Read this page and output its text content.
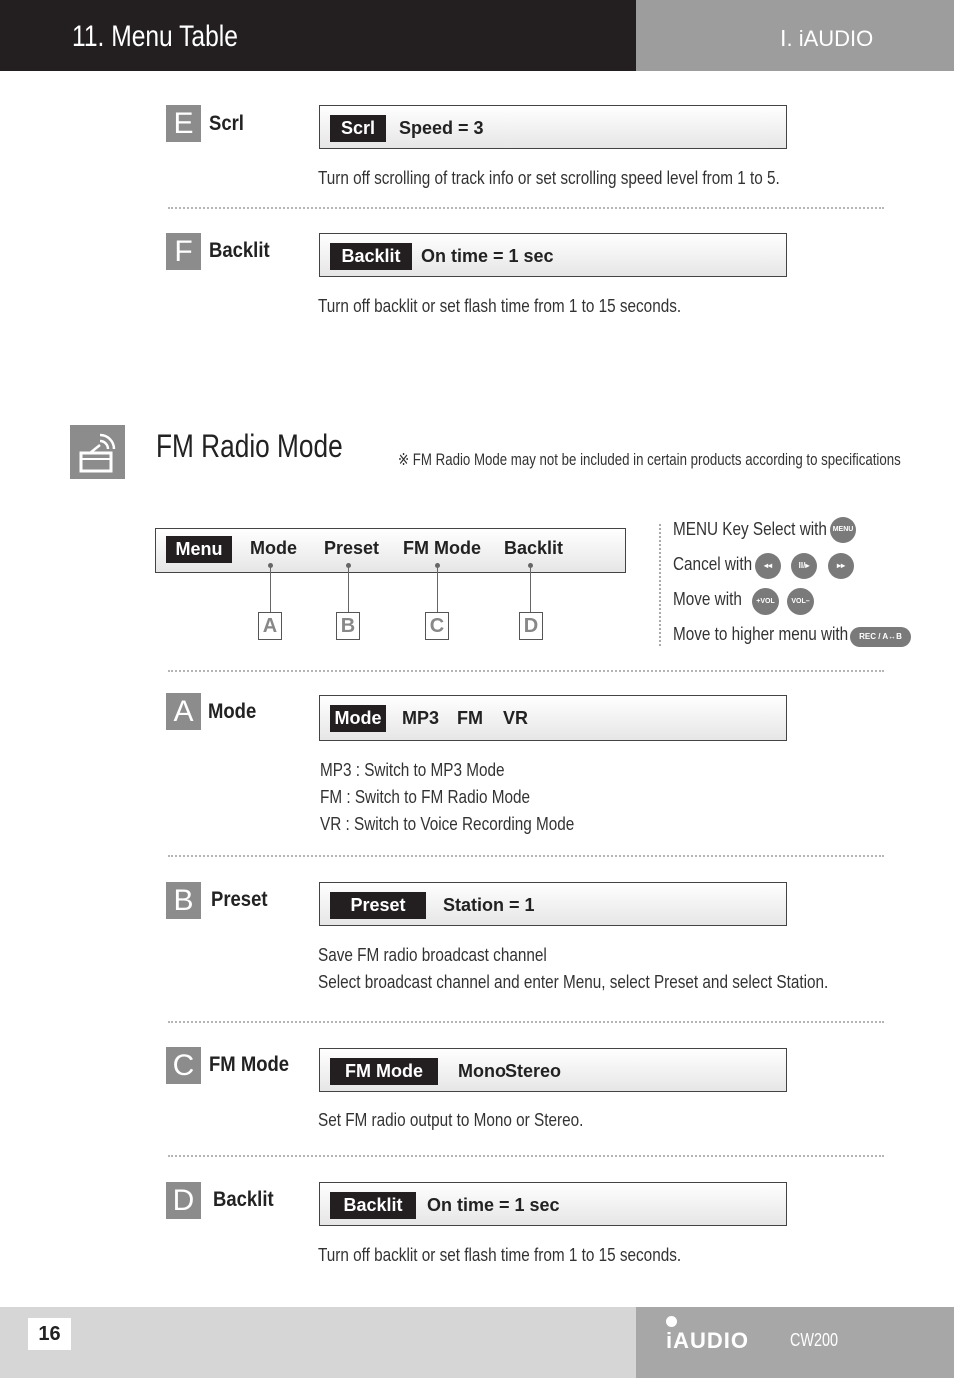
11. Menu Table	Ⅰ. iAUDIO
E Scrl	Scrl	Speed = 3
Turn off scrolling of track info or set scrolling speed level from 1 to 5.
F Backlit	Backlit	On time = 1 sec
Turn off backlit or set flash time from 1 to 15 seconds.
FM Radio Mode	※ FM Radio Mode may not be included in certain products according to specifications
Menu	Mode Preset FM Mode Backlit
A	B	C	D
MENU Key Select with MENU
Cancel with	◂◂	II/▸	▸▸
Move with	+VOL	VOL–
Move to higher menu with	REC / A↔B
A Mode	Mode MP3 FM VR
MP3 : Switch to MP3 Mode
FM : Switch to FM Radio Mode
VR : Switch to Voice Recording Mode
B Preset	Preset	Station = 1
Save FM radio broadcast channel
Select broadcast channel and enter Menu, select Preset and select Station.
C FM Mode	FM Mode	Mono Stereo
Set FM radio output to Mono or Stereo.
D Backlit	Backlit	On time = 1 sec
Turn off backlit or set flash time from 1 to 15 seconds.
16	iAUDIO CW200
